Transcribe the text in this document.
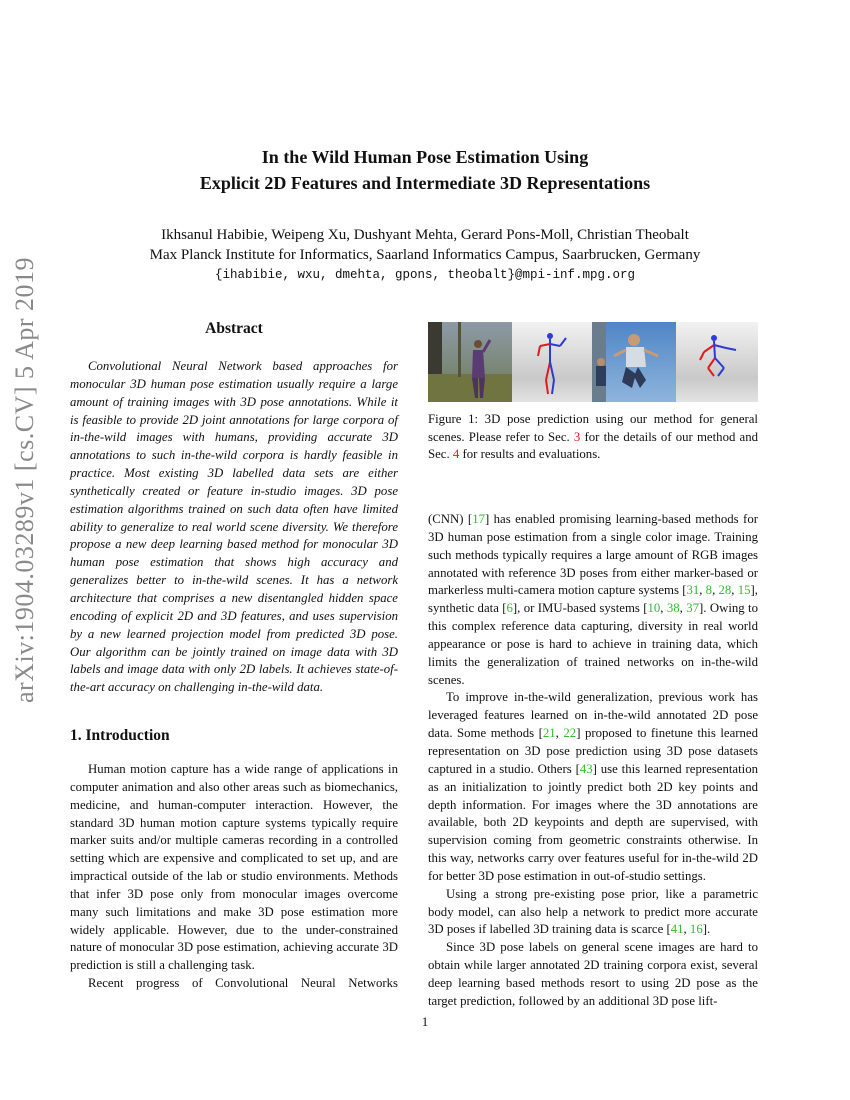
arXiv:1904.03289v1 [cs.CV] 5 Apr 2019
In the Wild Human Pose Estimation Using
Explicit 2D Features and Intermediate 3D Representations
Ikhsanul Habibie, Weipeng Xu, Dushyant Mehta, Gerard Pons-Moll, Christian Theobalt
Max Planck Institute for Informatics, Saarland Informatics Campus, Saarbrucken, Germany
{ihabibie, wxu, dmehta, gpons, theobalt}@mpi-inf.mpg.org
Abstract
Convolutional Neural Network based approaches for monocular 3D human pose estimation usually require a large amount of training images with 3D pose annotations. While it is feasible to provide 2D joint annotations for large corpora of in-the-wild images with humans, providing accurate 3D annotations to such in-the-wild corpora is hardly feasible in practice. Most existing 3D labelled data sets are either synthetically created or feature in-studio images. 3D pose estimation algorithms trained on such data often have limited ability to generalize to real world scene diversity. We therefore propose a new deep learning based method for monocular 3D human pose estimation that shows high accuracy and generalizes better to in-the-wild scenes. It has a network architecture that comprises a new disentangled hidden space encoding of explicit 2D and 3D features, and uses supervision by a new learned projection model from predicted 3D pose. Our algorithm can be jointly trained on image data with 3D labels and image data with only 2D labels. It achieves state-of-the-art accuracy on challenging in-the-wild data.
1. Introduction

Human motion capture has a wide range of applications in computer animation and also other areas such as biomechanics, medicine, and human-computer interaction. However, the standard 3D human motion capture systems typically require marker suits and/or multiple cameras recording in a controlled setting which are expensive and complicated to set up, and are impractical outside of the lab or studio environments. Methods that infer 3D pose only from monocular images overcome many such limitations and make 3D pose estimation more widely applicable. However, due to the under-constrained nature of monocular 3D pose estimation, achieving accurate 3D prediction is still a challenging task.

Recent progress of Convolutional Neural Networks

Figure 1: 3D pose prediction using our method for general scenes. Please refer to Sec. 3 for the details of our method and Sec. 4 for results and evaluations.

(CNN) [17] has enabled promising learning-based methods for 3D human pose estimation from a single color image. Training such methods typically requires a large amount of RGB images annotated with reference 3D poses from either marker-based or markerless multi-camera motion capture systems [31, 8, 28, 15], synthetic data [6], or IMU-based systems [10, 38, 37]. Owing to this complex reference data capturing, diversity in real world appearance or pose is hard to achieve in training data, which limits the generalization of trained networks on in-the-wild scenes.

To improve in-the-wild generalization, previous work has leveraged features learned on in-the-wild annotated 2D pose data. Some methods [21, 22] proposed to finetune this learned representation on 3D pose prediction using 3D pose datasets captured in a studio. Others [43] use this learned representation as an initialization to jointly predict both 2D key points and depth information. For images where the 3D annotations are available, both 2D keypoints and depth are supervised, with supervision coming from geometric constraints otherwise. In this way, networks carry over features useful for in-the-wild 2D for better 3D pose estimation in out-of-studio settings.

Using a strong pre-existing pose prior, like a parametric body model, can also help a network to predict more accurate 3D poses if labelled 3D training data is scarce [41, 16].

Since 3D pose labels on general scene images are hard to obtain while larger annotated 2D training corpora exist, several deep learning based methods resort to using 2D pose as the target prediction, followed by an additional 3D pose lift-

1
